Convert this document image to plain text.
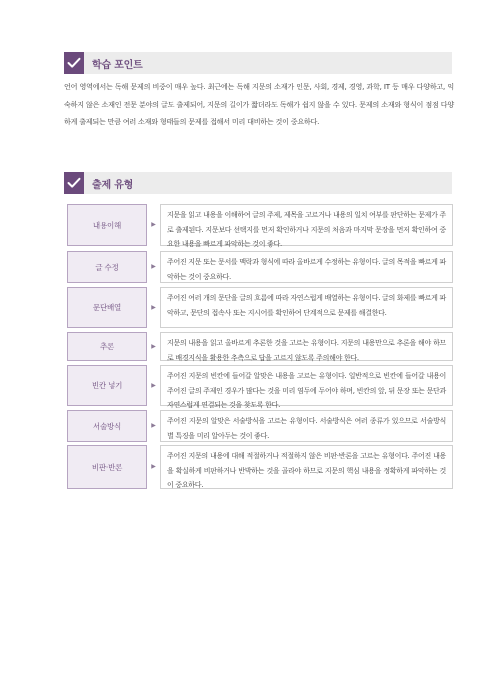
학습 포인트

언어 영역에서는 독해 문제의 비중이 매우 높다. 최근에는 독해 지문의 소재가 인문, 사회, 경제, 경영, 과학, IT 등 매우 다양하고, 익숙하지 않은 소재인 전문 분야의 글도 출제되어, 지문의 길이가 짧더라도 독해가 쉽지 않을 수 있다. 문제의 소재와 형식이 점점 다양하게 출제되는 만큼 여러 소재와 형태들의 문제를 접해서 미리 대비하는 것이 중요하다.

출제 유형
내용이해	▶
지문을 읽고 내용을 이해하여 글의 주제, 제목을 고르거나 내용의 일치 여부를 판단하는 문제가 주로 출제된다. 지문보다 선택지를 먼저 확인하거나 지문의 처음과 마지막 문장을 먼저 확인하여 중요한 내용을 빠르게 파악하는 것이 좋다.
글 수정	▶
주어진 지문 또는 문서를 맥락과 형식에 따라 올바르게 수정하는 유형이다. 글의 목적을 빠르게 파악하는 것이 중요하다.
문단배열	▶
주어진 여러 개의 문단을 글의 흐름에 따라 자연스럽게 배열하는 유형이다. 글의 화제를 빠르게 파악하고, 문단의 접속사 또는 지시어를 확인하여 단계적으로 문제를 해결한다.
추론	▶	지문의 내용을 읽고 올바르게 추론한 것을 고르는 유형이다. 지문의 내용만으로 추론을 해야 하므로 배경지식을 활용한 추측으로 답을 고르지 않도록 주의해야 한다.
빈칸 넣기	▶
주어진 지문의 빈칸에 들어갈 알맞은 내용을 고르는 유형이다. 일반적으로 빈칸에 들어갈 내용이 주어진 글의 주제인 경우가 많다는 것을 미리 염두에 두어야 하며, 빈칸의 앞, 뒤 문장 또는 문단과 자연스럽게 연결되는 것을 찾도록 한다.
서술방식	▶
주어진 지문의 알맞은 서술방식을 고르는 유형이다. 서술방식은 여러 종류가 있으므로 서술방식별 특징을 미리 알아두는 것이 좋다.
비판·반론	▶
주어진 지문의 내용에 대해 적절하거나 적절하지 않은 비판·반론을 고르는 유형이다. 주어진 내용을 확실하게 비판하거나 반박하는 것을 골라야 하므로 지문의 핵심 내용을 정확하게 파악하는 것이 중요하다.
